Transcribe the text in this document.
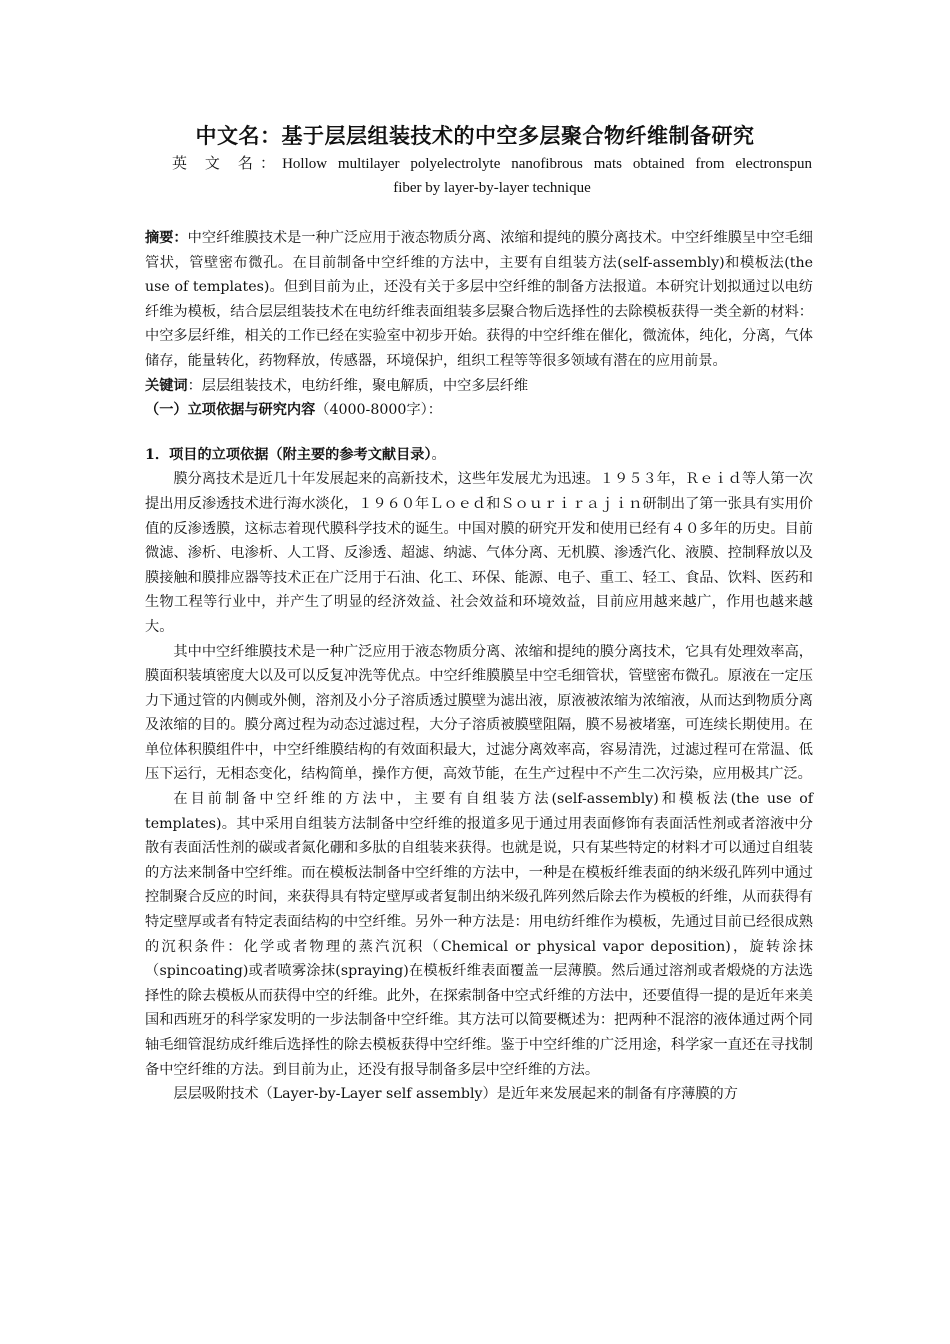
中文名：基于层层组装技术的中空多层聚合物纤维制备研究
英 文 名：Hollow multilayer polyelectrolyte nanofibrous mats obtained from electronspun
fiber by layer-by-layer technique

摘要：中空纤维膜技术是一种广泛应用于液态物质分离、浓缩和提纯的膜分离技术。中空纤维膜呈中空毛细管状，管壁密布微孔。在目前制备中空纤维的方法中，主要有自组装方法(self-assembly)和模板法(the use of templates)。但到目前为止，还没有关于多层中空纤维的制备方法报道。本研究计划拟通过以电纺纤维为模板，结合层层组装技术在电纺纤维表面组装多层聚合物后选择性的去除模板获得一类全新的材料：中空多层纤维，相关的工作已经在实验室中初步开始。获得的中空纤维在催化，微流体，纯化，分离，气体储存，能量转化，药物释放，传感器，环境保护，组织工程等等很多领域有潜在的应用前景。

关键词：层层组装技术，电纺纤维，聚电解质，中空多层纤维

（一）立项依据与研究内容（4000-8000字）：

1．项目的立项依据（附主要的参考文献目录）。

膜分离技术是近几十年发展起来的高新技术，这些年发展尤为迅速。１９５３年，Ｒｅｉｄ等人第一次提出用反渗透技术进行海水淡化，１９６０年Ｌｏｅｄ和Ｓｏｕｒｉｒａｊｉｎ研制出了第一张具有实用价值的反渗透膜，这标志着现代膜科学技术的诞生。中国对膜的研究开发和使用已经有４０多年的历史。目前微滤、渗析、电渗析、人工肾、反渗透、超滤、纳滤、气体分离、无机膜、渗透汽化、液膜、控制释放以及膜接触和膜排应器等技术正在广泛用于石油、化工、环保、能源、电子、重工、轻工、食品、饮料、医药和生物工程等行业中，并产生了明显的经济效益、社会效益和环境效益，目前应用越来越广，作用也越来越大。

其中中空纤维膜技术是一种广泛应用于液态物质分离、浓缩和提纯的膜分离技术，它具有处理效率高，膜面积装填密度大以及可以反复冲洗等优点。中空纤维膜膜呈中空毛细管状，管壁密布微孔。原液在一定压力下通过管的内侧或外侧，溶剂及小分子溶质透过膜壁为滤出液，原液被浓缩为浓缩液，从而达到物质分离及浓缩的目的。膜分离过程为动态过滤过程，大分子溶质被膜壁阻隔，膜不易被堵塞，可连续长期使用。在单位体积膜组件中，中空纤维膜结构的有效面积最大，过滤分离效率高，容易清洗，过滤过程可在常温、低压下运行，无相态变化，结构简单，操作方便，高效节能，在生产过程中不产生二次污染，应用极其广泛。

在目前制备中空纤维的方法中，主要有自组装方法(self-assembly)和模板法(the use of templates)。其中采用自组装方法制备中空纤维的报道多见于通过用表面修饰有表面活性剂或者溶液中分散有表面活性剂的碳或者氮化硼和多肽的自组装来获得。也就是说，只有某些特定的材料才可以通过自组装的方法来制备中空纤维。而在模板法制备中空纤维的方法中，一种是在模板纤维表面的纳米级孔阵列中通过控制聚合反应的时间，来获得具有特定壁厚或者复制出纳米级孔阵列然后除去作为模板的纤维，从而获得有特定壁厚或者有特定表面结构的中空纤维。另外一种方法是：用电纺纤维作为模板，先通过目前已经很成熟的沉积条件：化学或者物理的蒸汽沉积（Chemical or physical vapor deposition)，旋转涂抹（spincoating)或者喷雾涂抹(spraying)在模板纤维表面覆盖一层薄膜。然后通过溶剂或者煅烧的方法选择性的除去模板从而获得中空的纤维。此外，在探索制备中空式纤维的方法中，还要值得一提的是近年来美国和西班牙的科学家发明的一步法制备中空纤维。其方法可以简要概述为：把两种不混溶的液体通过两个同轴毛细管混纺成纤维后选择性的除去模板获得中空纤维。鉴于中空纤维的广泛用途，科学家一直还在寻找制备中空纤维的方法。到目前为止，还没有报导制备多层中空纤维的方法。

层层吸附技术（Layer-by-Layer self assembly）是近年来发展起来的制备有序薄膜的方
